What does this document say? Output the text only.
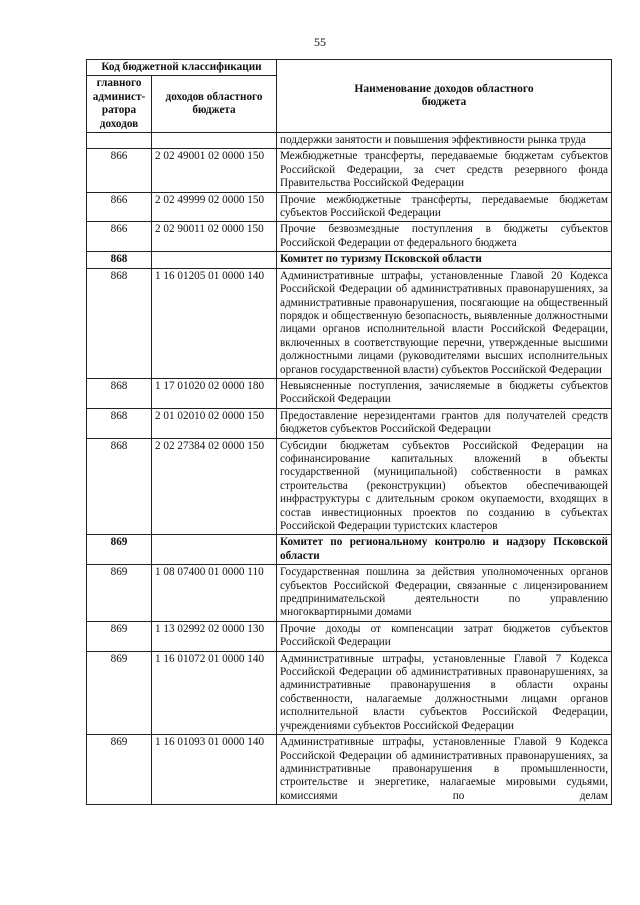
55
Код бюджетной классификации		Наименование доходов областного бюджета
главного админист-ратора доходов	доходов областного бюджета	
		поддержки занятости и повышения эффективности рынка труда
866	2 02 49001 02 0000 150	Межбюджетные трансферты, передаваемые бюджетам субъектов Российской Федерации, за счет средств резервного фонда Правительства Российской Федерации
866	2 02 49999 02 0000 150	Прочие межбюджетные трансферты, передаваемые бюджетам субъектов Российской Федерации
866	2 02 90011 02 0000 150	Прочие безвозмездные поступления в бюджеты субъектов Российской Федерации от федерального бюджета
868		Комитет по туризму Псковской области
868	1 16 01205 01 0000 140	Административные штрафы, установленные Главой 20 Кодекса Российской Федерации об административных правонарушениях, за административные правонарушения, посягающие на общественный порядок и общественную безопасность, выявленные должностными лицами органов исполнительной власти Российской Федерации, включенных в соответствующие перечни, утвержденные высшими должностными лицами (руководителями высших исполнительных органов государственной власти) субъектов Российской Федерации
868	1 17 01020 02 0000 180	Невыясненные поступления, зачисляемые в бюджеты субъектов Российской Федерации
868	2 01 02010 02 0000 150	Предоставление нерезидентами грантов для получателей средств бюджетов субъектов Российской Федерации
868	2 02 27384 02 0000 150	Субсидии бюджетам субъектов Российской Федерации на софинансирование капитальных вложений в объекты государственной (муниципальной) собственности в рамках строительства (реконструкции) объектов обеспечивающей инфраструктуры с длительным сроком окупаемости, входящих в состав инвестиционных проектов по созданию в субъектах Российской Федерации туристских кластеров
869		Комитет по региональному контролю и надзору Псковской области
869	1 08 07400 01 0000 110	Государственная пошлина за действия уполномоченных органов субъектов Российской Федерации, связанные с лицензированием предпринимательской деятельности по управлению многоквартирными домами
869	1 13 02992 02 0000 130	Прочие доходы от компенсации затрат бюджетов субъектов Российской Федерации
869	1 16 01072 01 0000 140	Административные штрафы, установленные Главой 7 Кодекса Российской Федерации об административных правонарушениях, за административные правонарушения в области охраны собственности, налагаемые должностными лицами органов исполнительной власти субъектов Российской Федерации, учреждениями субъектов Российской Федерации
869	1 16 01093 01 0000 140	Административные штрафы, установленные Главой 9 Кодекса Российской Федерации об административных правонарушениях, за административные правонарушения в промышленности, строительстве и энергетике, налагаемые мировыми судьями, комиссиями по делам
